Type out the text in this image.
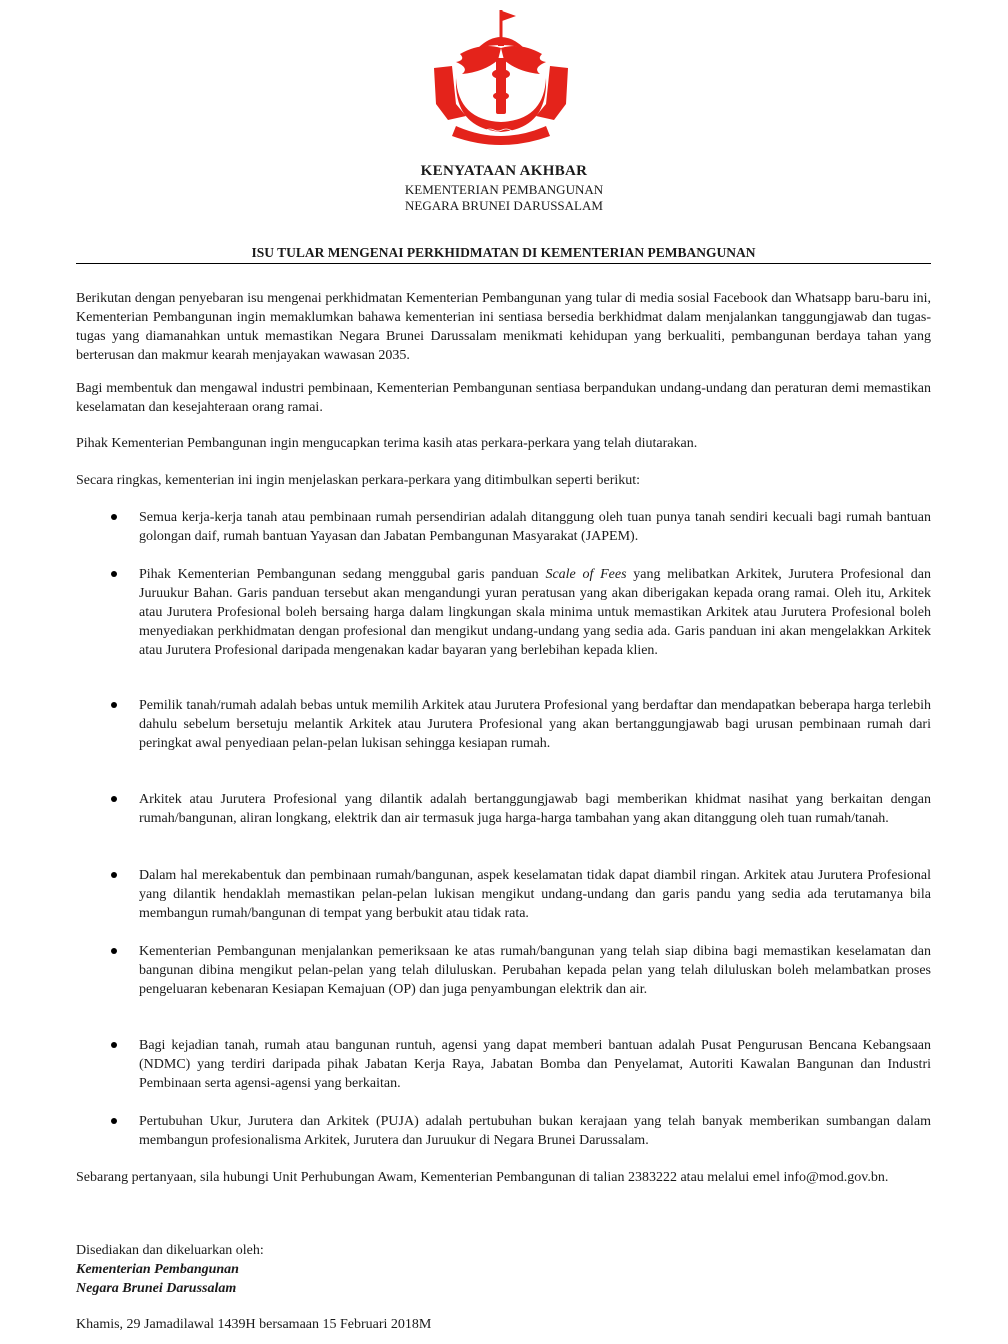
KENYATAAN AKHBAR
KEMENTERIAN PEMBANGUNAN
NEGARA BRUNEI DARUSSALAM
ISU TULAR MENGENAI PERKHIDMATAN DI KEMENTERIAN PEMBANGUNAN

Berikutan dengan penyebaran isu mengenai perkhidmatan Kementerian Pembangunan yang tular di media sosial Facebook dan Whatsapp baru-baru ini, Kementerian Pembangunan ingin memaklumkan bahawa kementerian ini sentiasa bersedia berkhidmat dalam menjalankan tanggungjawab dan tugas-tugas yang diamanahkan untuk memastikan Negara Brunei Darussalam menikmati kehidupan yang berkualiti, pembangunan berdaya tahan yang berterusan dan makmur kearah menjayakan wawasan 2035.

Bagi membentuk dan mengawal industri pembinaan, Kementerian Pembangunan sentiasa berpandukan undang-undang dan peraturan demi memastikan keselamatan dan kesejahteraan orang ramai.

Pihak Kementerian Pembangunan ingin mengucapkan terima kasih atas perkara-perkara yang telah diutarakan.

Secara ringkas, kementerian ini ingin menjelaskan perkara-perkara yang ditimbulkan seperti berikut:

Semua kerja-kerja tanah atau pembinaan rumah persendirian adalah ditanggung oleh tuan punya tanah sendiri kecuali bagi rumah bantuan golongan daif, rumah bantuan Yayasan dan Jabatan Pembangunan Masyarakat (JAPEM).

Pihak Kementerian Pembangunan sedang menggubal garis panduan Scale of Fees yang melibatkan Arkitek, Jurutera Profesional dan Juruukur Bahan. Garis panduan tersebut akan mengandungi yuran peratusan yang akan diberigakan kepada orang ramai. Oleh itu, Arkitek atau Jurutera Profesional boleh bersaing harga dalam lingkungan skala minima untuk memastikan Arkitek atau Jurutera Profesional boleh menyediakan perkhidmatan dengan profesional dan mengikut undang-undang yang sedia ada. Garis panduan ini akan mengelakkan Arkitek atau Jurutera Profesional daripada mengenakan kadar bayaran yang berlebihan kepada klien.

Pemilik tanah/rumah adalah bebas untuk memilih Arkitek atau Jurutera Profesional yang berdaftar dan mendapatkan beberapa harga terlebih dahulu sebelum bersetuju melantik Arkitek atau Jurutera Profesional yang akan bertanggungjawab bagi urusan pembinaan rumah dari peringkat awal penyediaan pelan-pelan lukisan sehingga kesiapan rumah.

Arkitek atau Jurutera Profesional yang dilantik adalah bertanggungjawab bagi memberikan khidmat nasihat yang berkaitan dengan rumah/bangunan, aliran longkang, elektrik dan air termasuk juga harga-harga tambahan yang akan ditanggung oleh tuan rumah/tanah.

Dalam hal merekabentuk dan pembinaan rumah/bangunan, aspek keselamatan tidak dapat diambil ringan. Arkitek atau Jurutera Profesional yang dilantik hendaklah memastikan pelan-pelan lukisan mengikut undang-undang dan garis pandu yang sedia ada terutamanya bila membangun rumah/bangunan di tempat yang berbukit atau tidak rata.

Kementerian Pembangunan menjalankan pemeriksaan ke atas rumah/bangunan yang telah siap dibina bagi memastikan keselamatan dan bangunan dibina mengikut pelan-pelan yang telah diluluskan. Perubahan kepada pelan yang telah diluluskan boleh melambatkan proses pengeluaran kebenaran Kesiapan Kemajuan (OP) dan juga penyambungan elektrik dan air.

Bagi kejadian tanah, rumah atau bangunan runtuh, agensi yang dapat memberi bantuan adalah Pusat Pengurusan Bencana Kebangsaan (NDMC) yang terdiri daripada pihak Jabatan Kerja Raya, Jabatan Bomba dan Penyelamat, Autoriti Kawalan Bangunan dan Industri Pembinaan serta agensi-agensi yang berkaitan.

Pertubuhan Ukur, Jurutera dan Arkitek (PUJA) adalah pertubuhan bukan kerajaan yang telah banyak memberikan sumbangan dalam membangun profesionalisma Arkitek, Jurutera dan Juruukur di Negara Brunei Darussalam.

Sebarang pertanyaan, sila hubungi Unit Perhubungan Awam, Kementerian Pembangunan di talian 2383222 atau melalui emel info@mod.gov.bn.

Disediakan dan dikeluarkan oleh:
Kementerian Pembangunan
Negara Brunei Darussalam
Khamis, 29 Jamadilawal 1439H bersamaan 15 Februari 2018M
